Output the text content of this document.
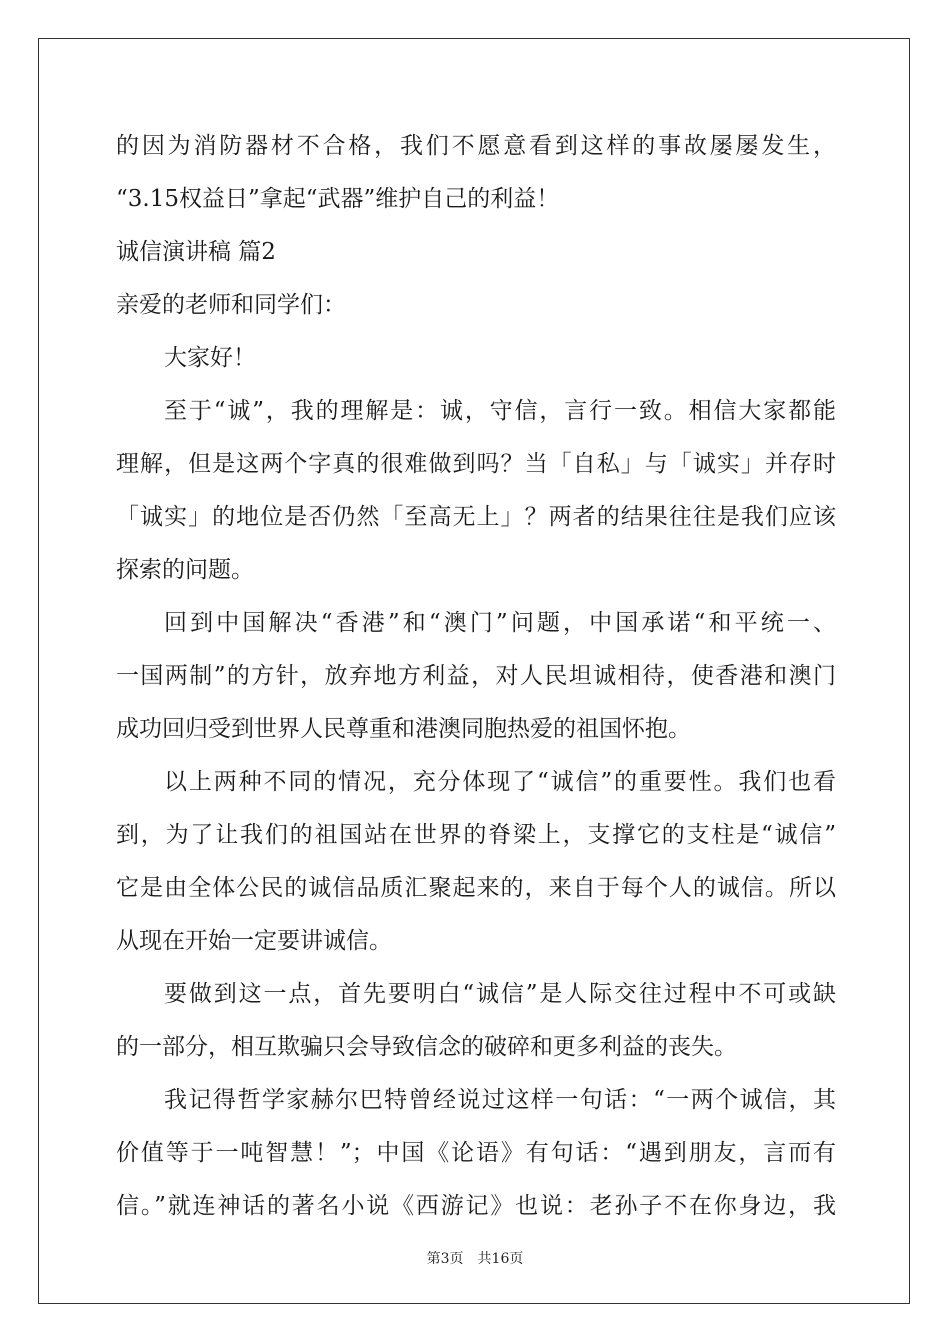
的因为消防器材不合格，我们不愿意看到这样的事故屡屡发生，
“3.15权益日”拿起“武器”维护自己的利益！
诚信演讲稿 篇2
亲爱的老师和同学们：
大家好！
至于“诚”，我的理解是：诚，守信，言行一致。相信大家都能
理解，但是这两个字真的很难做到吗？当「自私」与「诚实」并存时
「诚实」的地位是否仍然「至高无上」？两者的结果往往是我们应该
探索的问题。
回到中国解决“香港”和“澳门”问题，中国承诺“和平统一、
一国两制”的方针，放弃地方利益，对人民坦诚相待，使香港和澳门
成功回归受到世界人民尊重和港澳同胞热爱的祖国怀抱。
以上两种不同的情况，充分体现了“诚信”的重要性。我们也看
到，为了让我们的祖国站在世界的脊梁上，支撑它的支柱是“诚信”
它是由全体公民的诚信品质汇聚起来的，来自于每个人的诚信。所以
从现在开始一定要讲诚信。
要做到这一点，首先要明白“诚信”是人际交往过程中不可或缺
的一部分，相互欺骗只会导致信念的破碎和更多利益的丧失。
我记得哲学家赫尔巴特曾经说过这样一句话：“一两个诚信，其
价值等于一吨智慧！”；中国《论语》有句话：“遇到朋友，言而有
信。”就连神话的著名小说《西游记》也说：老孙子不在你身边，我
第3页　共16页
